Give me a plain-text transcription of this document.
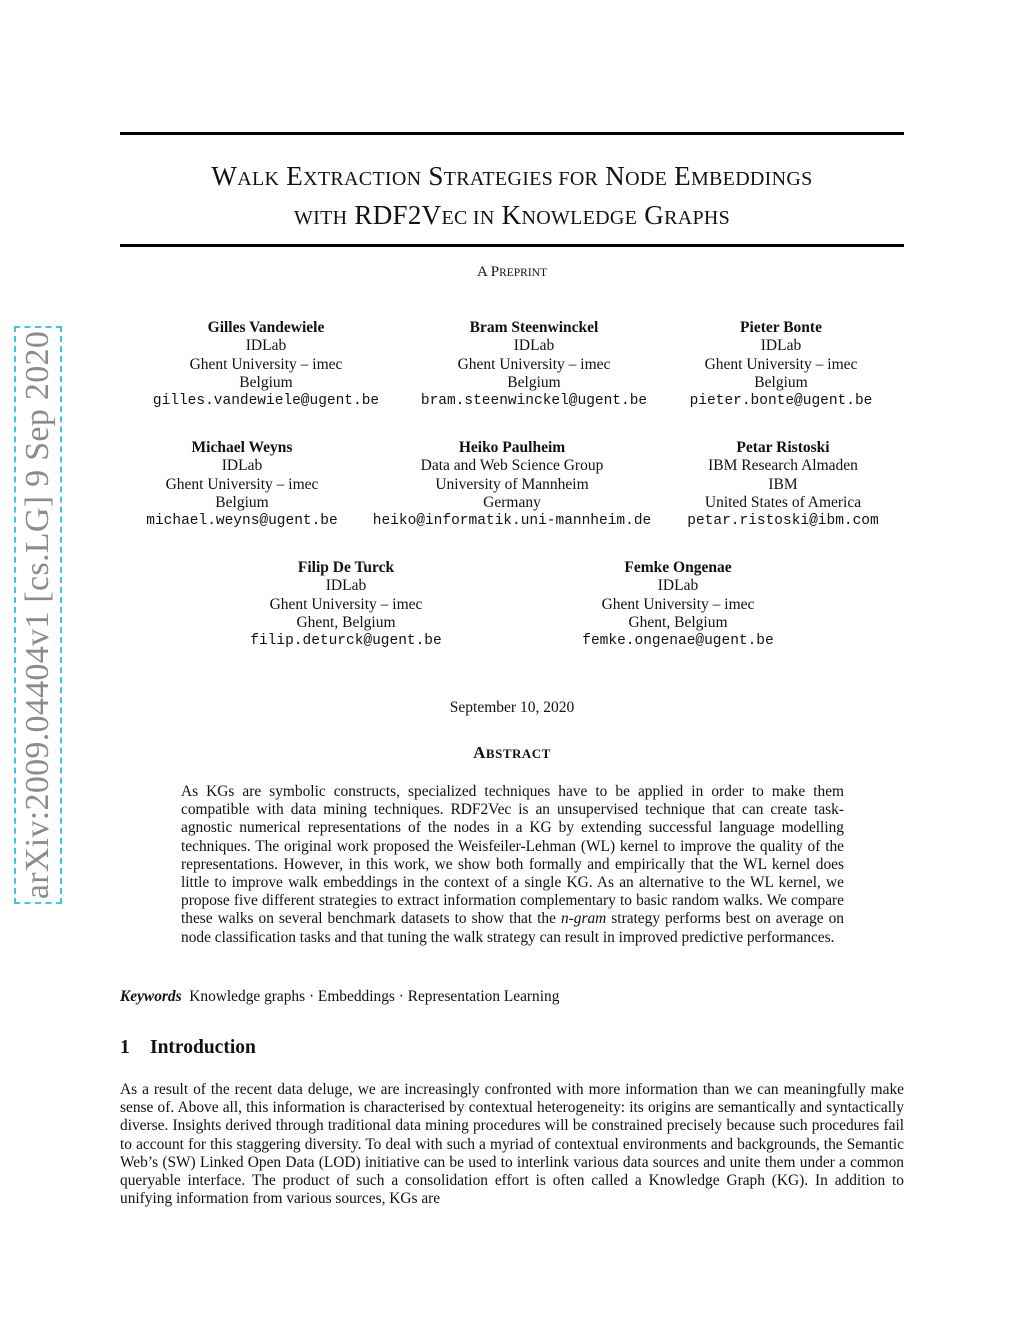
arXiv:2009.04404v1 [cs.LG] 9 Sep 2020
WALK EXTRACTION STRATEGIES FOR NODE EMBEDDINGS
WITH RDF2VEC IN KNOWLEDGE GRAPHS
A PREPRINT
Gilles Vandewiele
IDLab
Ghent University – imec
Belgium
gilles.vandewiele@ugent.be
Bram Steenwinckel
IDLab
Ghent University – imec
Belgium
bram.steenwinckel@ugent.be
Pieter Bonte
IDLab
Ghent University – imec
Belgium
pieter.bonte@ugent.be
Michael Weyns
IDLab
Ghent University – imec
Belgium
michael.weyns@ugent.be
Heiko Paulheim
Data and Web Science Group
University of Mannheim
Germany
heiko@informatik.uni-mannheim.de
Petar Ristoski
IBM Research Almaden
IBM
United States of America
petar.ristoski@ibm.com
Filip De Turck
IDLab
Ghent University – imec
Ghent, Belgium
filip.deturck@ugent.be
Femke Ongenae
IDLab
Ghent University – imec
Ghent, Belgium
femke.ongenae@ugent.be
September 10, 2020
ABSTRACT
As KGs are symbolic constructs, specialized techniques have to be applied in order to make them compatible with data mining techniques. RDF2Vec is an unsupervised technique that can create task-agnostic numerical representations of the nodes in a KG by extending successful language modelling techniques. The original work proposed the Weisfeiler-Lehman (WL) kernel to improve the quality of the representations. However, in this work, we show both formally and empirically that the WL kernel does little to improve walk embeddings in the context of a single KG. As an alternative to the WL kernel, we propose five different strategies to extract information complementary to basic random walks. We compare these walks on several benchmark datasets to show that the n-gram strategy performs best on average on node classification tasks and that tuning the walk strategy can result in improved predictive performances.
Keywords Knowledge graphs · Embeddings · Representation Learning
1 Introduction
As a result of the recent data deluge, we are increasingly confronted with more information than we can meaningfully make sense of. Above all, this information is characterised by contextual heterogeneity: its origins are semantically and syntactically diverse. Insights derived through traditional data mining procedures will be constrained precisely because such procedures fail to account for this staggering diversity. To deal with such a myriad of contextual environments and backgrounds, the Semantic Web’s (SW) Linked Open Data (LOD) initiative can be used to interlink various data sources and unite them under a common queryable interface. The product of such a consolidation effort is often called a Knowledge Graph (KG). In addition to unifying information from various sources, KGs are
